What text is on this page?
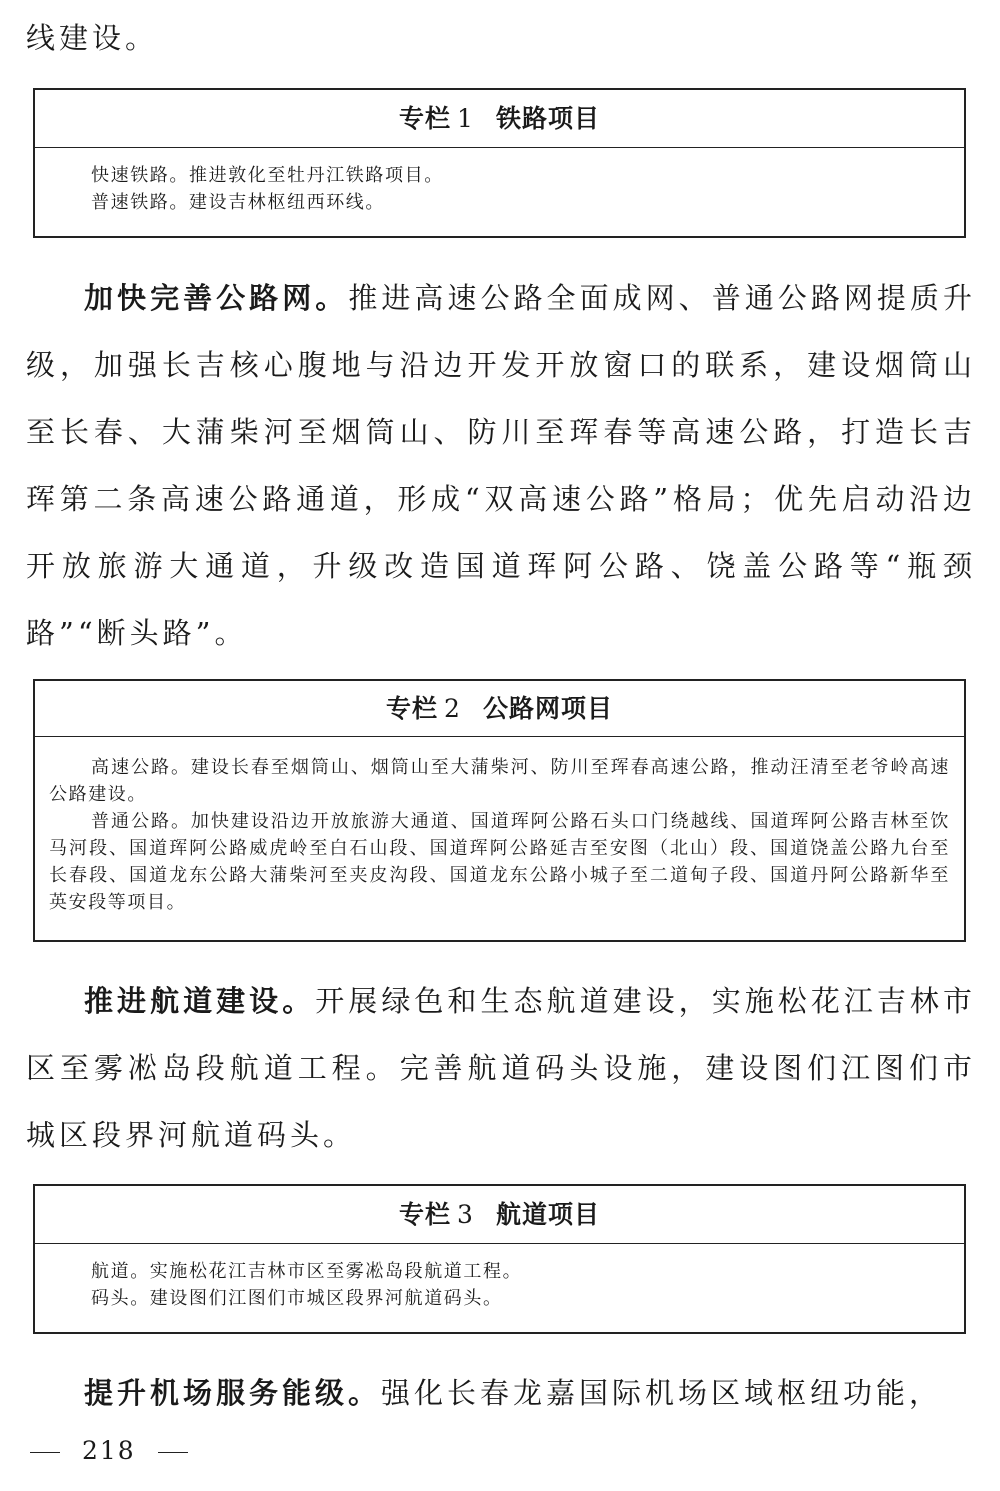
线建设。

专栏 1 铁路项目
快速铁路。推进敦化至牡丹江铁路项目。
普速铁路。建设吉林枢纽西环线。

加快完善公路网。推进高速公路全面成网、普通公路网提质升级，加强长吉核心腹地与沿边开发开放窗口的联系，建设烟筒山至长春、大蒲柴河至烟筒山、防川至珲春等高速公路，打造长吉珲第二条高速公路通道，形成“双高速公路”格局；优先启动沿边开放旅游大通道，升级改造国道珲阿公路、饶盖公路等“瓶颈路”“断头路”。

专栏 2 公路网项目
高速公路。建设长春至烟筒山、烟筒山至大蒲柴河、防川至珲春高速公路，推动汪清至老爷岭高速公路建设。
普通公路。加快建设沿边开放旅游大通道、国道珲阿公路石头口门绕越线、国道珲阿公路吉林至饮马河段、国道珲阿公路威虎岭至白石山段、国道珲阿公路延吉至安图（北山）段、国道饶盖公路九台至长春段、国道龙东公路大蒲柴河至夹皮沟段、国道龙东公路小城子至二道甸子段、国道丹阿公路新华至英安段等项目。

推进航道建设。开展绿色和生态航道建设，实施松花江吉林市区至雾凇岛段航道工程。完善航道码头设施，建设图们江图们市城区段界河航道码头。

专栏 3 航道项目
航道。实施松花江吉林市区至雾凇岛段航道工程。
码头。建设图们江图们市城区段界河航道码头。

提升机场服务能级。强化长春龙嘉国际机场区域枢纽功能，

218
